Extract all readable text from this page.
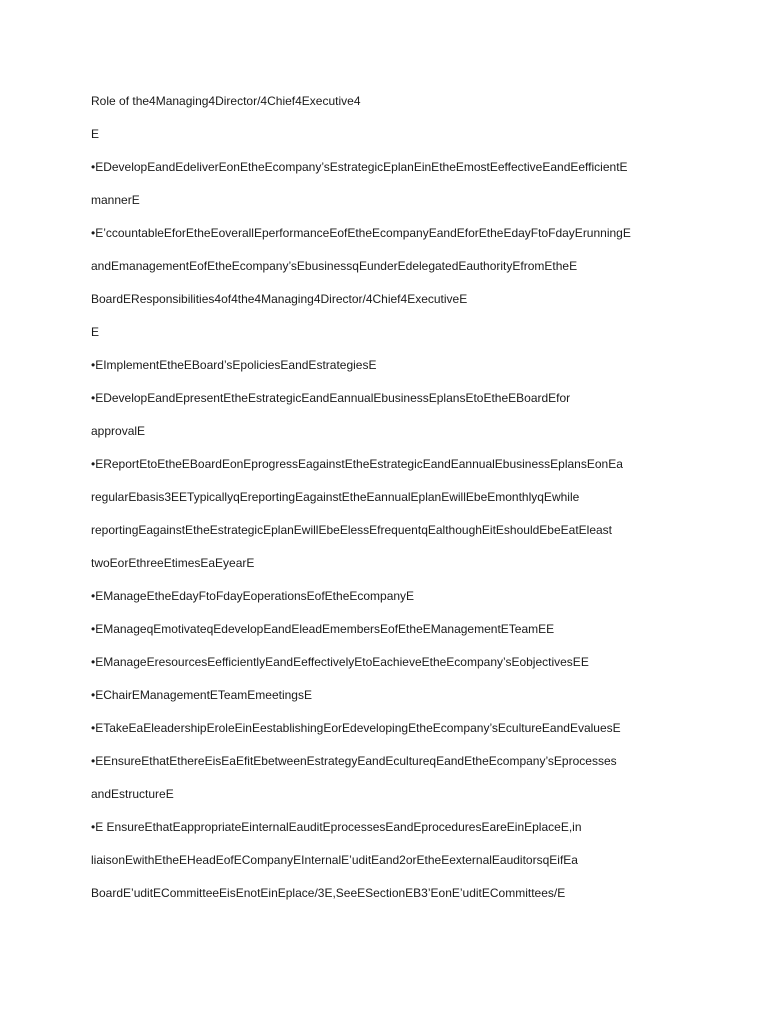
Role of the4Managing4Director/4Chief4Executive4
E
•EDevelopEandEdeliverEonEtheEcompany’sEstrategicEplanEinEtheEmostEeffectiveEandEefficientE
mannerE
•E’ccountableEforEtheEoverallEperformanceEofEtheEcompanyEandEforEtheEdayFtoFdayErunningE
andEmanagementEofEtheEcompany’sEbusinessqEunderEdelegatedEauthorityEfromEtheE
BoardEResponsibilities4of4the4Managing4Director/4Chief4ExecutiveE
E
•EImplementEtheEBoard’sEpoliciesEandEstrategiesE
•EDevelopEandEpresentEtheEstrategicEandEannualEbusinessEplansEtoEtheEBoardEfor
approvalE
•EReportEtoEtheEBoardEonEprogressEagainstEtheEstrategicEandEannualEbusinessEplansEonEa
regularEbasis3EETypicallyqEreportingEagainstEtheEannualEplanEwillEbeEmonthlyqEwhile
reportingEagainstEtheEstrategicEplanEwillEbeElessEfrequentqEalthoughEitEshouldEbeEatEleast
twoEorEthreeEtimesEaEyearE
•EManageEtheEdayFtoFdayEoperationsEofEtheEcompanyE
•EManageqEmotivateqEdevelopEandEleadEmembersEofEtheEManagementETeamEE
•EManageEresourcesEefficientlyEandEeffectivelyEtoEachieveEtheEcompany’sEobjectivesEE
•EChairEManagementETeamEmeetingsE
•ETakeEaEleadershipEroleEinEestablishingEorEdevelopingEtheEcompany’sEcultureEandEvaluesE
•EEnsureEthatEthereEisEaEfitEbetweenEstrategyEandEcultureqEandEtheEcompany’sEprocesses
andEstructureE
•E EnsureEthatEappropriateEinternalEauditEprocessesEandEproceduresEareEinEplaceE,in
liaisonEwithEtheEHeadEofECompanyEInternalE’uditEand2orEtheEexternalEauditorsqEifEa
BoardE’uditECommitteeEisEnotEinEplace/3E,SeeESectionEB3’EonE’uditECommittees/E
